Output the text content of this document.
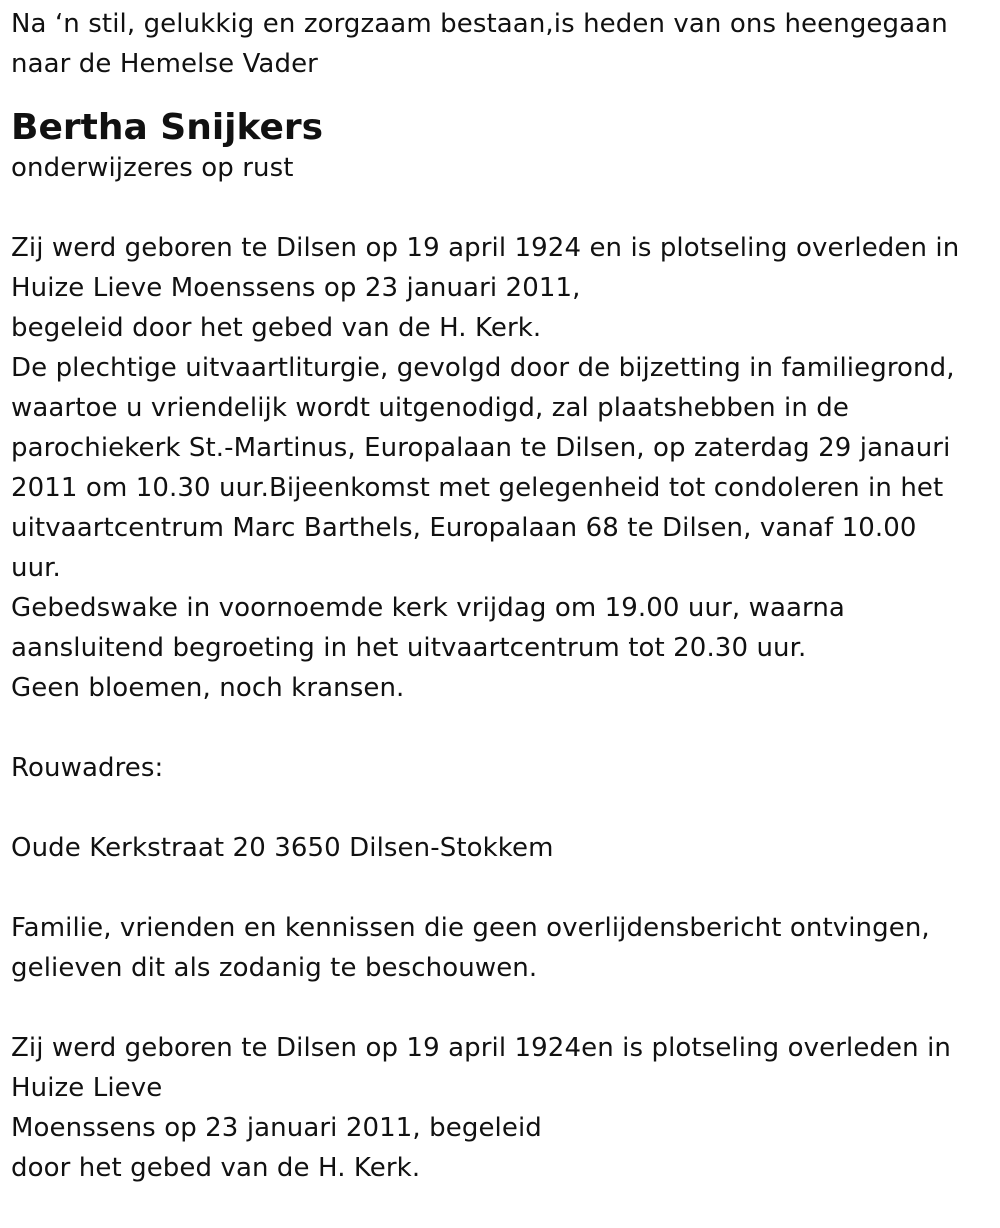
Na ‘n stil, gelukkig en zorgzaam bestaan,is heden van ons heengegaan
naar de Hemelse Vader
Bertha Snijkers
onderwijzeres op rust
Zij werd geboren te Dilsen op 19 april 1924 en is plotseling overleden in
Huize Lieve Moenssens op 23 januari 2011,
begeleid door het gebed van de H. Kerk.
De plechtige uitvaartliturgie, gevolgd door de bijzetting in familiegrond,
waartoe u vriendelijk wordt uitgenodigd, zal plaatshebben in de
parochiekerk St.-Martinus, Europalaan te Dilsen, op zaterdag 29 janauri
2011 om 10.30 uur.Bijeenkomst met gelegenheid tot condoleren in het
uitvaartcentrum Marc Barthels, Europalaan 68 te Dilsen, vanaf 10.00
uur.
Gebedswake in voornoemde kerk vrijdag om 19.00 uur, waarna
aansluitend begroeting in het uitvaartcentrum tot 20.30 uur.
Geen bloemen, noch kransen.
Rouwadres:
Oude Kerkstraat 20 3650 Dilsen-Stokkem
Familie, vrienden en kennissen die geen overlijdensbericht ontvingen,
gelieven dit als zodanig te beschouwen.
Zij werd geboren te Dilsen op 19 april 1924en is plotseling overleden in
Huize Lieve
Moenssens op 23 januari 2011, begeleid
door het gebed van de H. Kerk.
